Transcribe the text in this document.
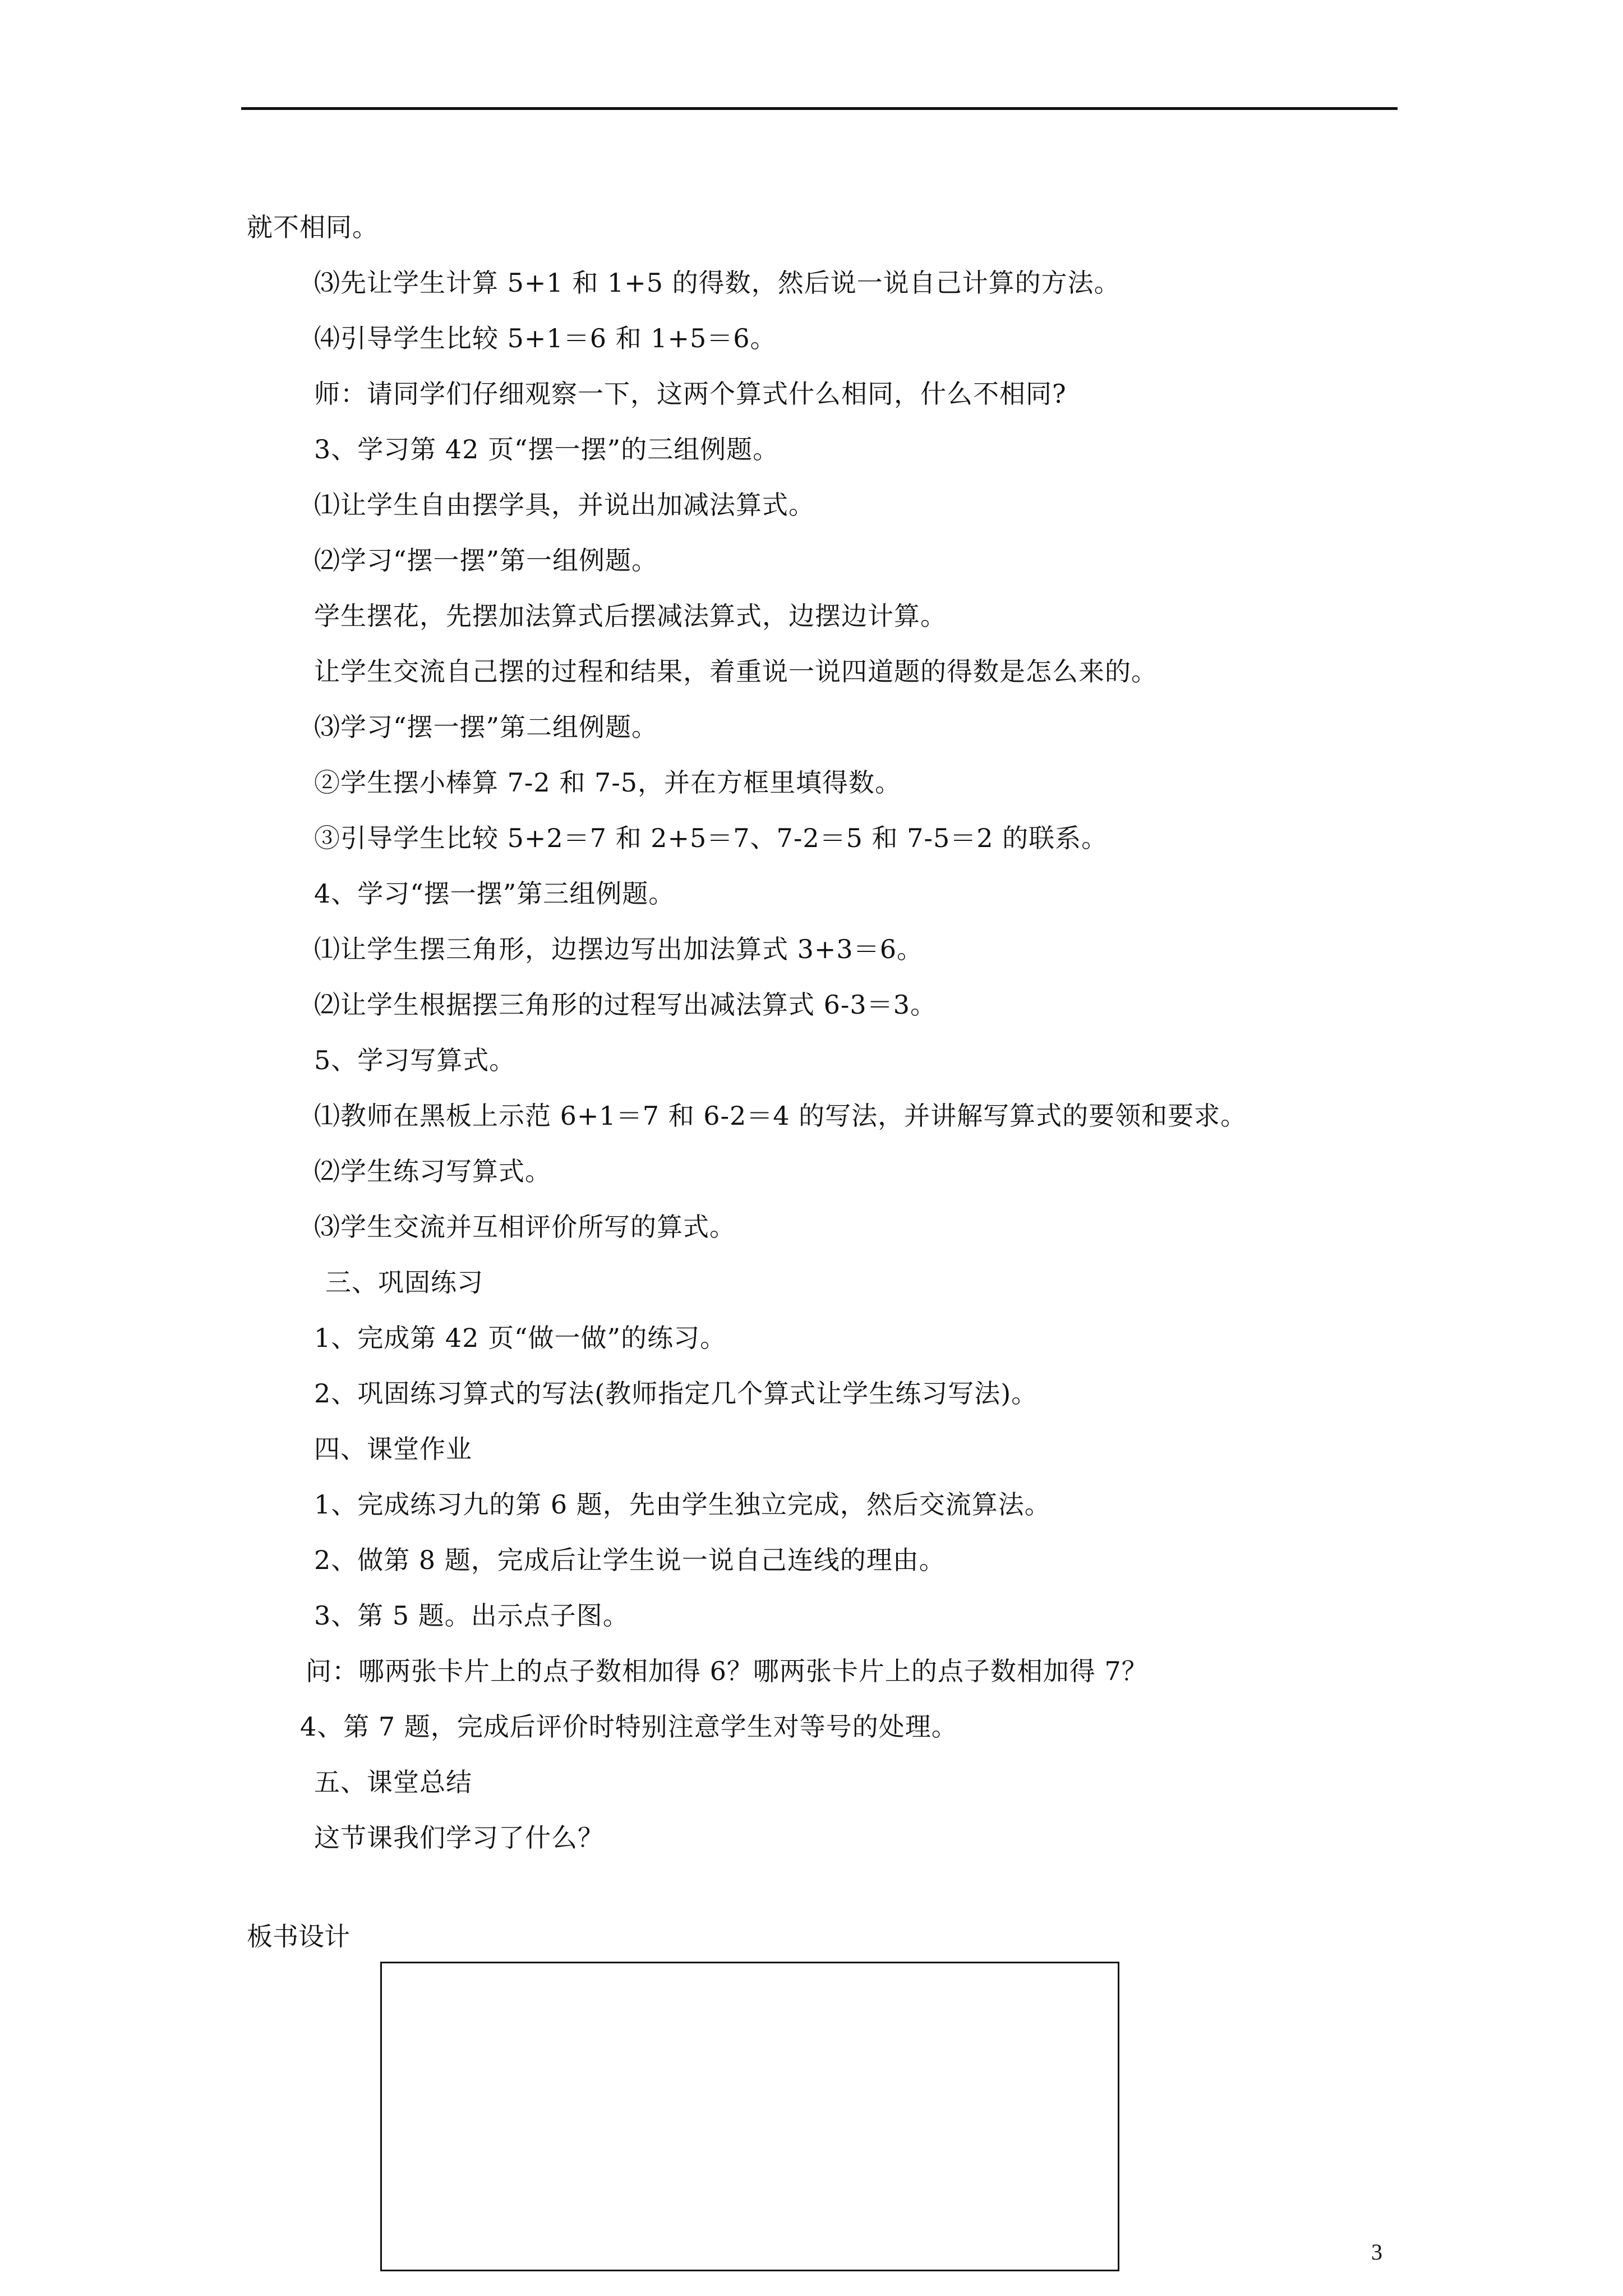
就不相同。
⑶先让学生计算 5+1 和 1+5 的得数，然后说一说自己计算的方法。
⑷引导学生比较 5+1＝6 和 1+5＝6。
师：请同学们仔细观察一下，这两个算式什么相同，什么不相同?
3、学习第 42 页“摆一摆”的三组例题。
⑴让学生自由摆学具，并说出加减法算式。
⑵学习“摆一摆”第一组例题。
学生摆花，先摆加法算式后摆减法算式，边摆边计算。
让学生交流自己摆的过程和结果，着重说一说四道题的得数是怎么来的。
⑶学习“摆一摆”第二组例题。
②学生摆小棒算 7-2 和 7-5，并在方框里填得数。
③引导学生比较 5+2＝7 和 2+5＝7、7-2＝5 和 7-5＝2 的联系。
4、学习“摆一摆”第三组例题。
⑴让学生摆三角形，边摆边写出加法算式 3+3＝6。
⑵让学生根据摆三角形的过程写出减法算式 6-3＝3。
5、学习写算式。
⑴教师在黑板上示范 6+1＝7 和 6-2＝4 的写法，并讲解写算式的要领和要求。
⑵学生练习写算式。
⑶学生交流并互相评价所写的算式。
三、巩固练习
1、完成第 42 页“做一做”的练习。
2、巩固练习算式的写法(教师指定几个算式让学生练习写法)。
四、课堂作业
1、完成练习九的第 6 题，先由学生独立完成，然后交流算法。
2、做第 8 题，完成后让学生说一说自己连线的理由。
3、第 5 题。出示点子图。
问：哪两张卡片上的点子数相加得 6？哪两张卡片上的点子数相加得 7？
4、第 7 题，完成后评价时特别注意学生对等号的处理。
五、课堂总结
这节课我们学习了什么？
板书设计
3
